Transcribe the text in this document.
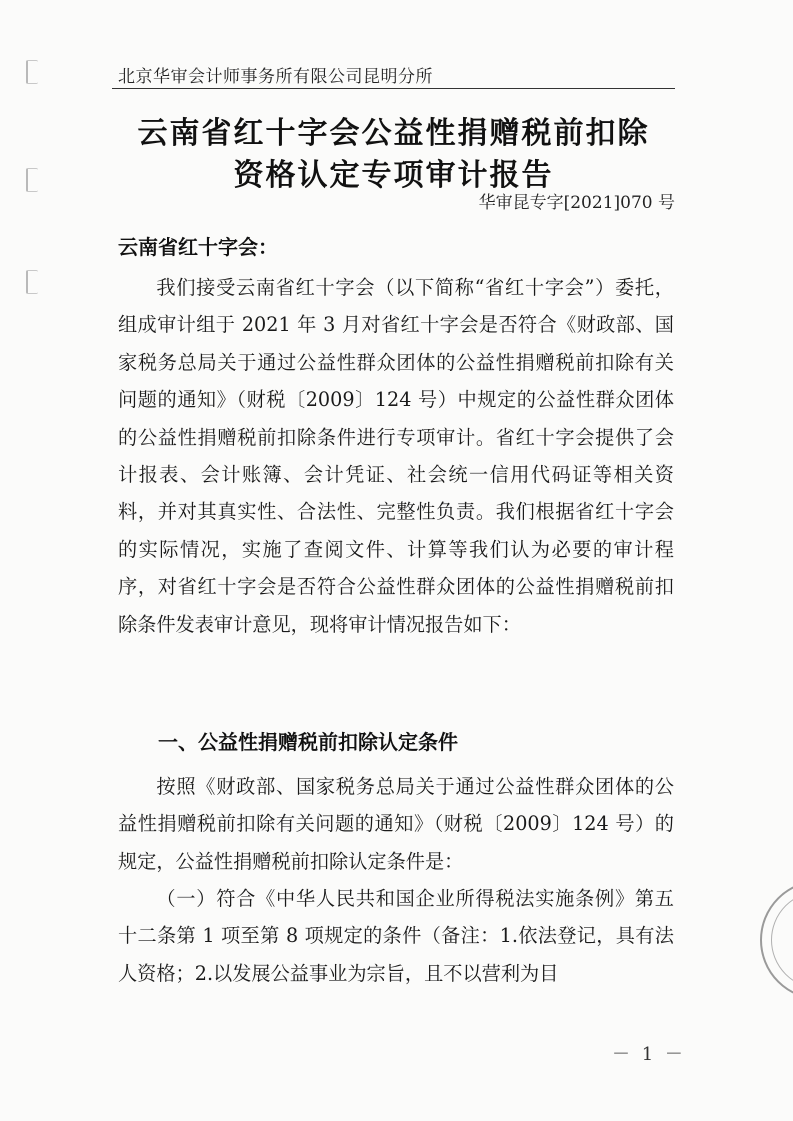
北京华审会计师事务所有限公司昆明分所
云南省红十字会公益性捐赠税前扣除
资格认定专项审计报告
华审昆专字[2021]070 号
云南省红十字会：

我们接受云南省红十字会（以下简称“省红十字会”）委托，组成审计组于 2021 年 3 月对省红十字会是否符合《财政部、国家税务总局关于通过公益性群众团体的公益性捐赠税前扣除有关问题的通知》（财税〔2009〕124 号）中规定的公益性群众团体的公益性捐赠税前扣除条件进行专项审计。省红十字会提供了会计报表、会计账簿、会计凭证、社会统一信用代码证等相关资料，并对其真实性、合法性、完整性负责。我们根据省红十字会的实际情况，实施了查阅文件、计算等我们认为必要的审计程序，对省红十字会是否符合公益性群众团体的公益性捐赠税前扣除条件发表审计意见，现将审计情况报告如下：

一、公益性捐赠税前扣除认定条件

按照《财政部、国家税务总局关于通过公益性群众团体的公益性捐赠税前扣除有关问题的通知》（财税〔2009〕124 号）的规定，公益性捐赠税前扣除认定条件是：

（一）符合《中华人民共和国企业所得税法实施条例》第五十二条第 1 项至第 8 项规定的条件（备注：1.依法登记，具有法人资格；2.以发展公益事业为宗旨，且不以营利为目

－ 1 －
